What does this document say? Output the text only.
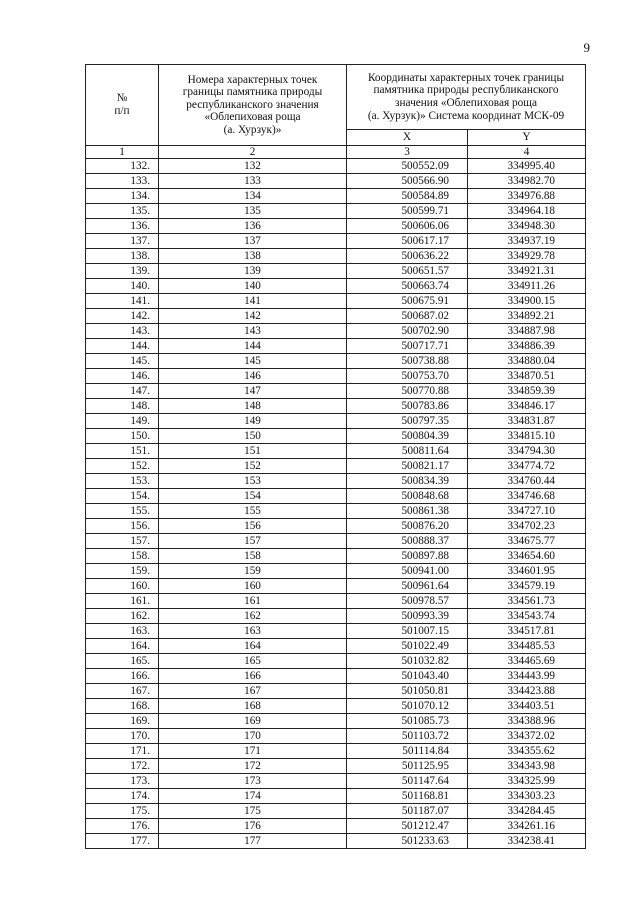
9
№
п/п	Номера характерных точек
границы памятника природы
республиканского значения
«Облепиховая роща
(а. Хурзук)»	Координаты характерных точек границы
памятника природы республиканского
значения «Облепиховая роща
(а. Хурзук)» Система координат МСК-09	

		X	Y
1	2	3	4
132.	132	500552.09	334995.40
133.	133	500566.90	334982.70
134.	134	500584.89	334976.88
135.	135	500599.71	334964.18
136.	136	500606.06	334948.30
137.	137	500617.17	334937.19
138.	138	500636.22	334929.78
139.	139	500651.57	334921.31
140.	140	500663.74	334911.26
141.	141	500675.91	334900.15
142.	142	500687.02	334892.21
143.	143	500702.90	334887.98
144.	144	500717.71	334886.39
145.	145	500738.88	334880.04
146.	146	500753.70	334870.51
147.	147	500770.88	334859.39
148.	148	500783.86	334846.17
149.	149	500797.35	334831.87
150.	150	500804.39	334815.10
151.	151	500811.64	334794.30
152.	152	500821.17	334774.72
153.	153	500834.39	334760.44
154.	154	500848.68	334746.68
155.	155	500861.38	334727.10
156.	156	500876.20	334702.23
157.	157	500888.37	334675.77
158.	158	500897.88	334654.60
159.	159	500941.00	334601.95
160.	160	500961.64	334579.19
161.	161	500978.57	334561.73
162.	162	500993.39	334543.74
163.	163	501007.15	334517.81
164.	164	501022.49	334485.53
165.	165	501032.82	334465.69
166.	166	501043.40	334443.99
167.	167	501050.81	334423.88
168.	168	501070.12	334403.51
169.	169	501085.73	334388.96
170.	170	501103.72	334372.02
171.	171	501114.84	334355.62
172.	172	501125.95	334343.98
173.	173	501147.64	334325.99
174.	174	501168.81	334303.23
175.	175	501187.07	334284.45
176.	176	501212.47	334261.16
177.	177	501233.63	334238.41
